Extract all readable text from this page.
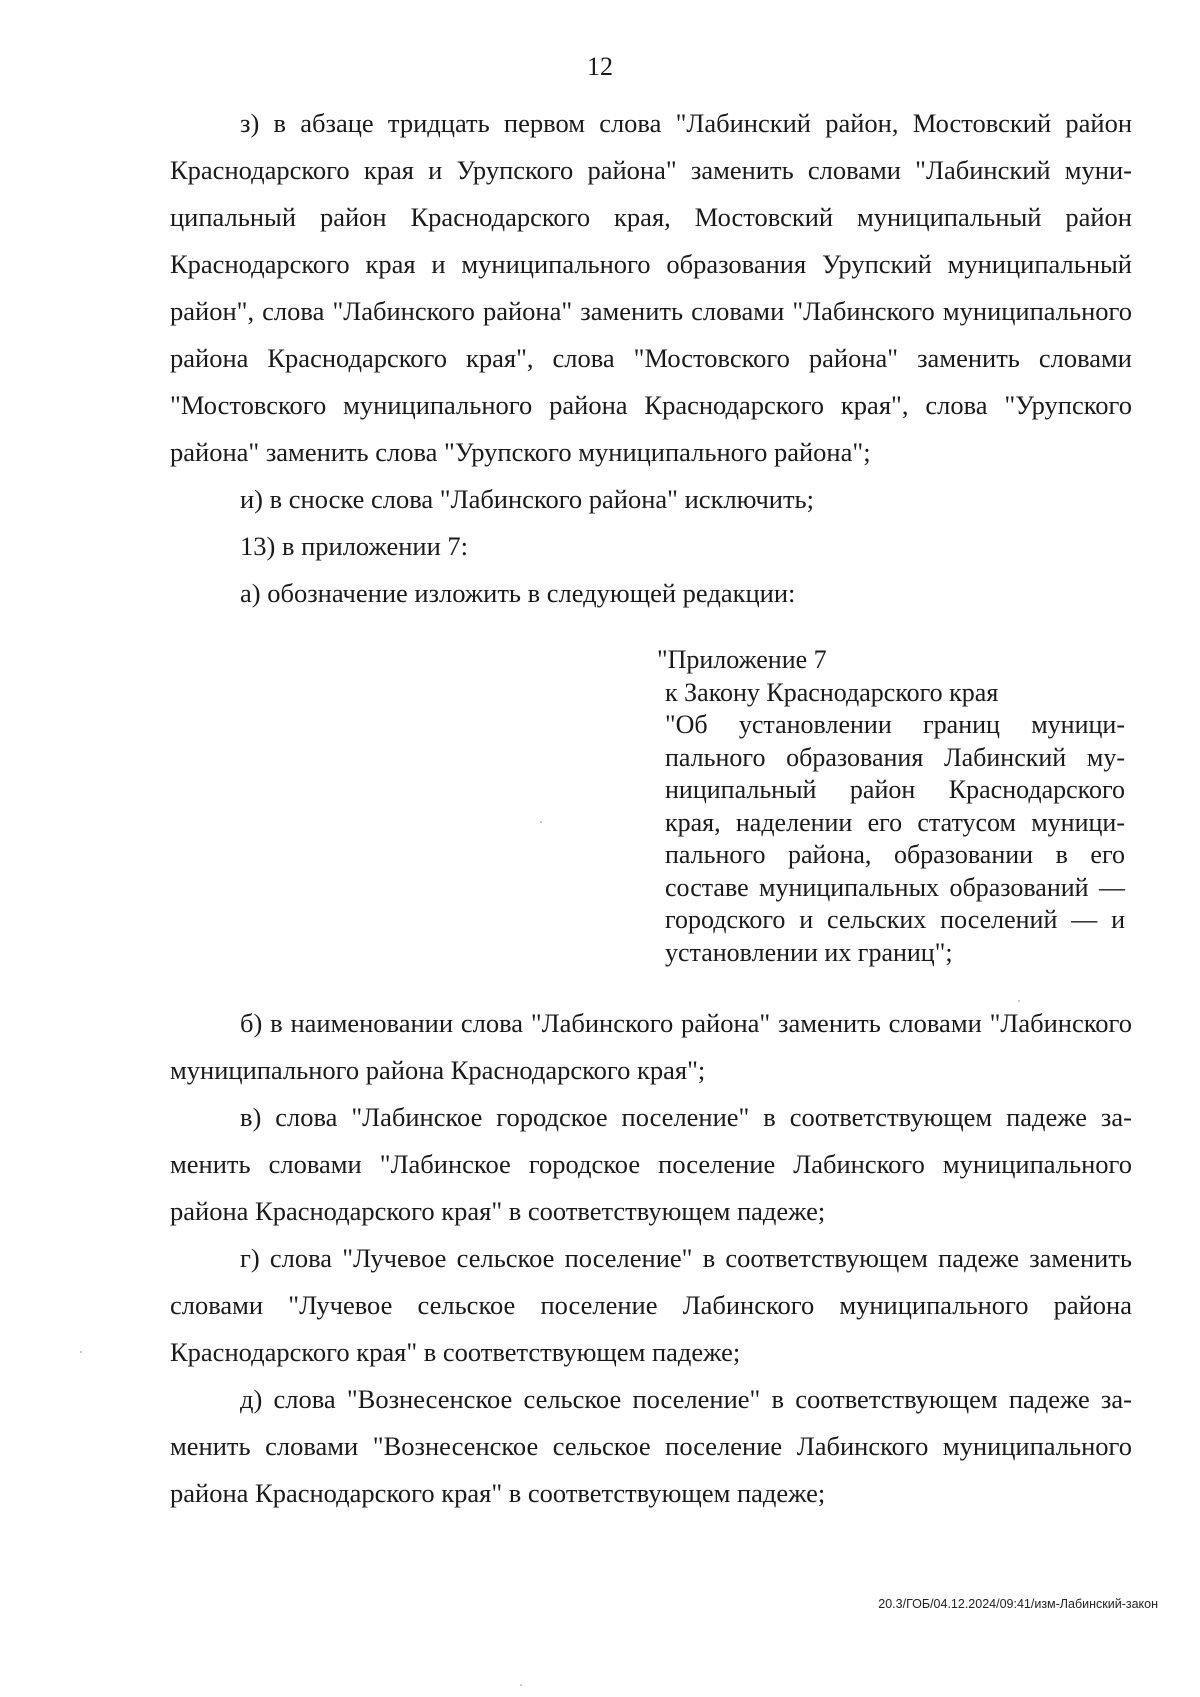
12

з) в абзаце тридцать первом слова "Лабинский район, Мостовский район Краснодарского края и Урупского района" заменить словами "Лабинский муниципальный район Краснодарского края, Мостовский муниципальный район Краснодарского края и муниципального образования Урупский муниципальный район", слова "Лабинского района" заменить словами "Лабинского муниципального района Краснодарского края", слова "Мостовского района" заменить словами "Мостовского муниципального района Краснодарского края", слова "Урупского района" заменить слова "Урупского муниципального района";

и) в сноске слова "Лабинского района" исключить;

13) в приложении 7:

а) обозначение изложить в следующей редакции:

"Приложение 7

к Закону Краснодарского края

"Об установлении границ муниципального образования Лабинский муниципальный район Краснодарского края, наделении его статусом муниципального района, образовании в его составе муниципальных образований — городского и сельских поселений — и установлении их границ";

б) в наименовании слова "Лабинского района" заменить словами "Лабинского муниципального района Краснодарского края";

в) слова "Лабинское городское поселение" в соответствующем падеже заменить словами "Лабинское городское поселение Лабинского муниципального района Краснодарского края" в соответствующем падеже;

г) слова "Лучевое сельское поселение" в соответствующем падеже заменить словами "Лучевое сельское поселение Лабинского муниципального района Краснодарского края" в соответствующем падеже;

д) слова "Вознесенское сельское поселение" в соответствующем падеже заменить словами "Вознесенское сельское поселение Лабинского муниципального района Краснодарского края" в соответствующем падеже;

20.3/ГОБ/04.12.2024/09:41/изм-Лабинский-закон
